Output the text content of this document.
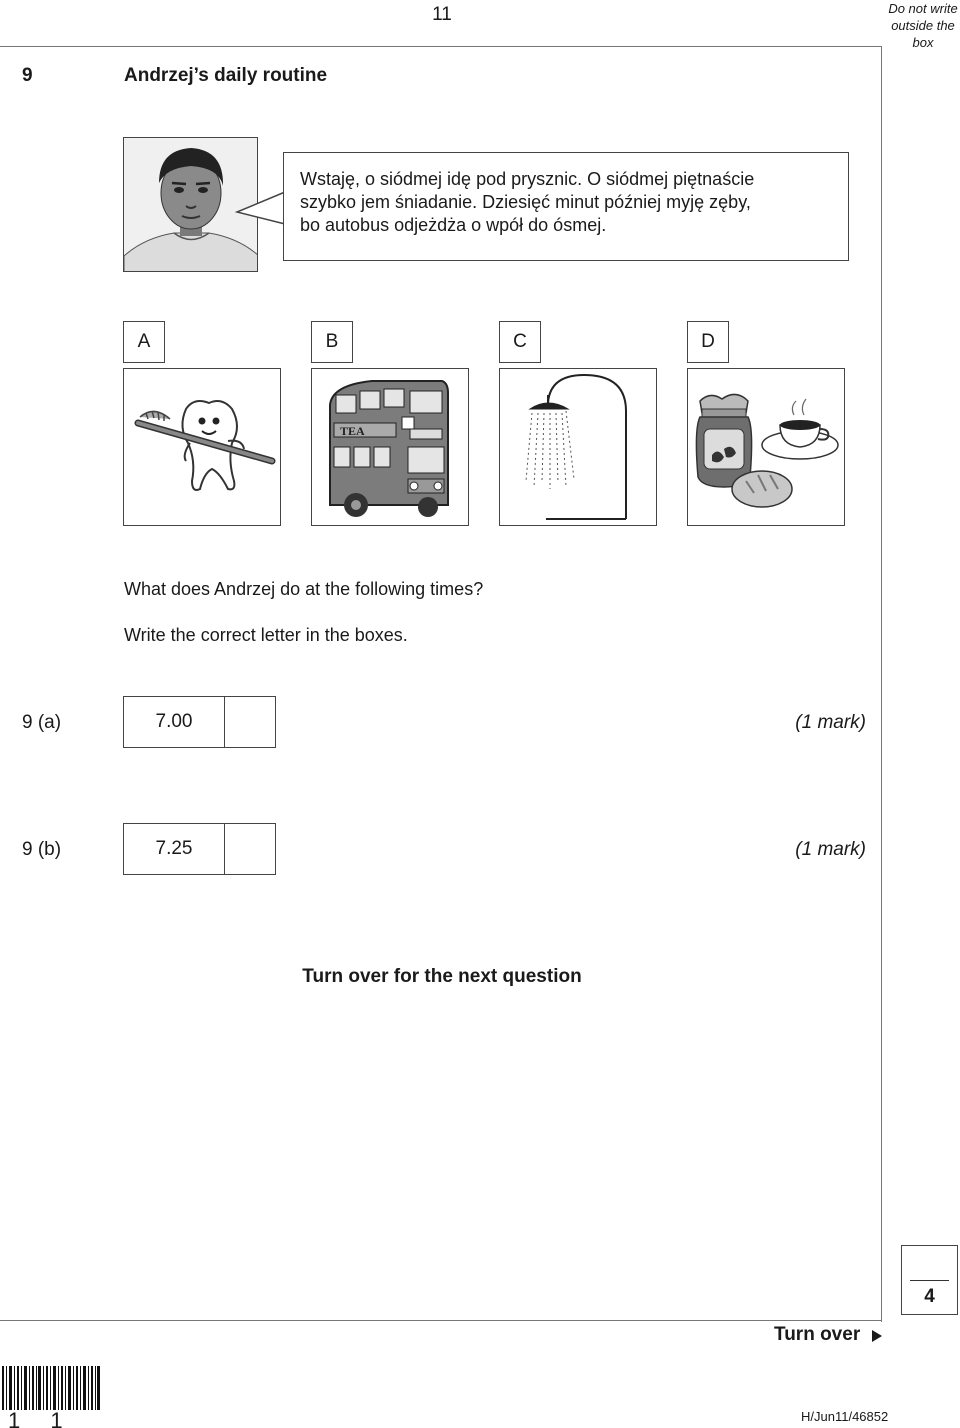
11	Do not write
outside the
box
9	Andrzej’s daily routine
Wstaję, o siódmej idę pod prysznic. O siódmej piętnaście
szybko jem śniadanie. Dziesięć minut później myję zęby,
bo autobus odjeżdża o wpół do ósmej.
A	B	C	D
TEA
What does Andrzej do at the following times?
Write the correct letter in the boxes.
9 (a)	7.00	(1 mark)
9 (b)	7.25	(1 mark)
Turn over for the next question
4
Turn over
1 1	H/Jun11/46852
